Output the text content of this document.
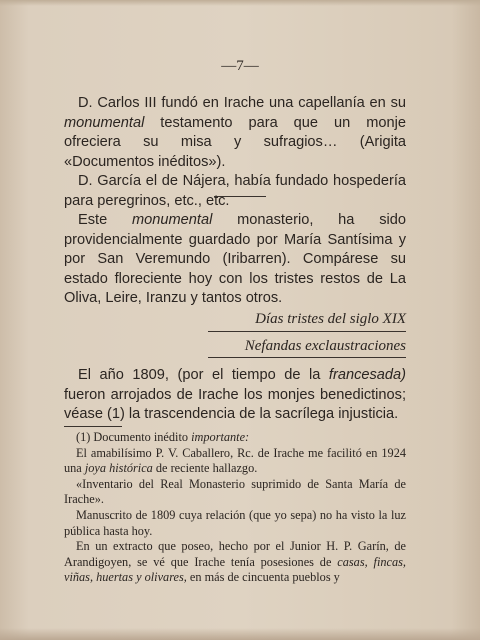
—7—

D. Carlos III fundó en Irache una capellanía en su monumental testamento para que un monje ofreciera su misa y sufragios… (Arigita «Documentos inéditos»).

D. García el de Nájera, había fundado hospedería para peregrinos, etc., etc.

Este monumental monasterio, ha sido providencialmente guardado por María Santísima y por San Veremundo (Iribarren). Compárese su estado floreciente hoy con los tristes restos de La Oliva, Leire, Iranzu y tantos otros.

Días tristes del siglo XIX
Nefandas exclaustraciones

El año 1809, (por el tiempo de la francesada) fueron arrojados de Irache los monjes benedictinos; véase (1) la trascendencia de la sacrílega injusticia.

(1) Documento inédito importante:

El amabilísimo P. V. Caballero, Rc. de Irache me facilitó en 1924 una joya histórica de reciente hallazgo.

«Inventario del Real Monasterio suprimido de Santa María de Irache».

Manuscrito de 1809 cuya relación (que yo sepa) no ha visto la luz pública hasta hoy.

En un extracto que poseo, hecho por el Junior H. P. Garín, de Arandigoyen, se vé que Irache tenía posesiones de casas, fincas, viñas, huertas y olivares, en más de cincuenta pueblos y
